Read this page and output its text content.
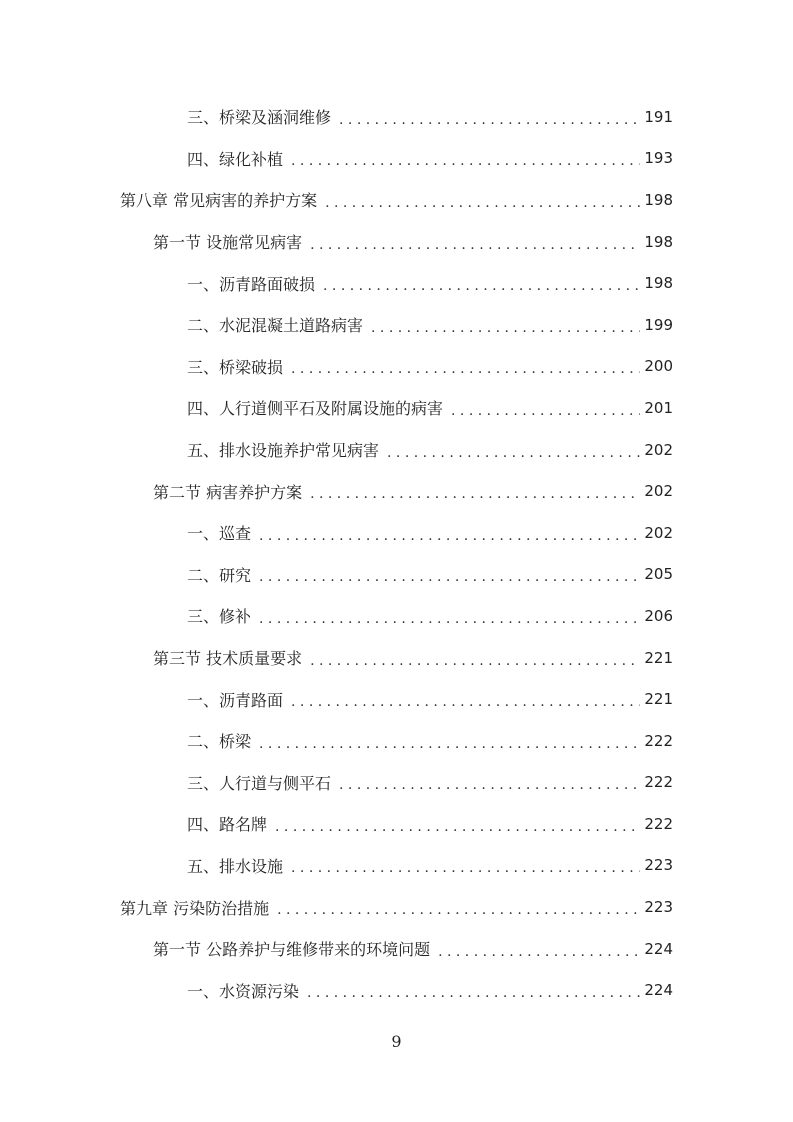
三、桥梁及涵洞维修 . . .	191
四、绿化补植 . . .	193
第八章 常见病害的养护方案 . . .	198
第一节 设施常见病害 . . .	198
一、沥青路面破损 . . .	198
二、水泥混凝土道路病害 . . .	199
三、桥梁破损 . . .	200
四、人行道侧平石及附属设施的病害 . . .	201
五、排水设施养护常见病害 . . .	202
第二节 病害养护方案 . . .	202
一、巡查 . . .	202
二、研究 . . .	205
三、修补 . . .	206
第三节 技术质量要求 . . .	221
一、沥青路面 . . .	221
二、桥梁 . . .	222
三、人行道与侧平石 . . .	222
四、路名牌 . . .	222
五、排水设施 . . .	223
第九章 污染防治措施 . . .	223
第一节 公路养护与维修带来的环境问题 . . .	224
一、水资源污染 . . .	224
9
